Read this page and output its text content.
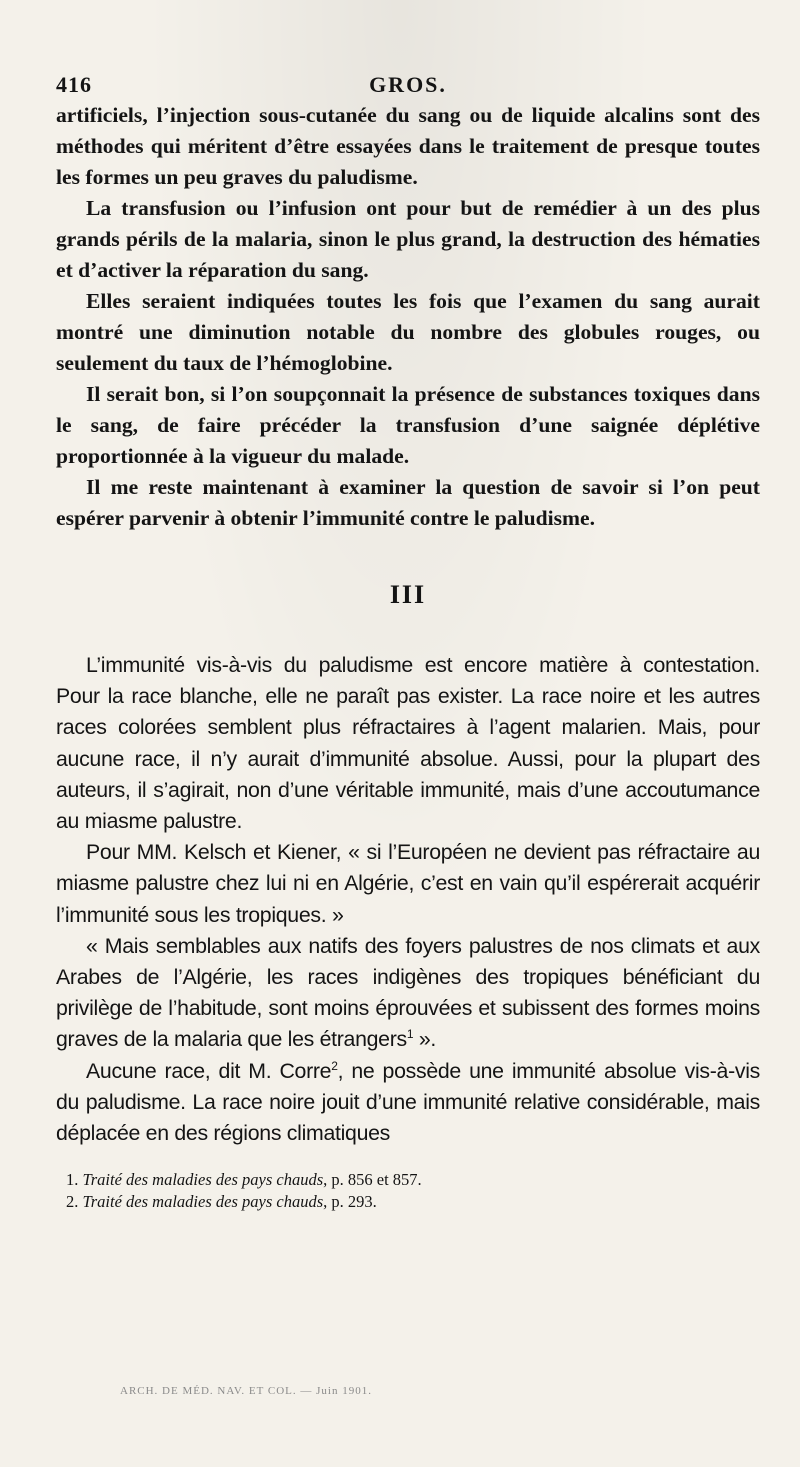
416	GROS.

artificiels, l’injection sous-cutanée du sang ou de liquide alcalins sont des méthodes qui méritent d’être essayées dans le traitement de presque toutes les formes un peu graves du paludisme.

La transfusion ou l’infusion ont pour but de remédier à un des plus grands périls de la malaria, sinon le plus grand, la destruction des hématies et d’activer la réparation du sang.

Elles seraient indiquées toutes les fois que l’examen du sang aurait montré une diminution notable du nombre des globules rouges, ou seulement du taux de l’hémoglobine.

Il serait bon, si l’on soupçonnait la présence de substances toxiques dans le sang, de faire précéder la transfusion d’une saignée déplétive proportionnée à la vigueur du malade.

Il me reste maintenant à examiner la question de savoir si l’on peut espérer parvenir à obtenir l’immunité contre le paludisme.

III

L’immunité vis-à-vis du paludisme est encore matière à contestation. Pour la race blanche, elle ne paraît pas exister. La race noire et les autres races colorées semblent plus réfractaires à l’agent malarien. Mais, pour aucune race, il n’y aurait d’immunité absolue. Aussi, pour la plupart des auteurs, il s’agirait, non d’une véritable immunité, mais d’une accoutumance au miasme palustre.

Pour MM. Kelsch et Kiener, « si l’Européen ne devient pas réfractaire au miasme palustre chez lui ni en Algérie, c’est en vain qu’il espérerait acquérir l’immunité sous les tropiques. »

« Mais semblables aux natifs des foyers palustres de nos climats et aux Arabes de l’Algérie, les races indigènes des tropiques bénéficiant du privilège de l’habitude, sont moins éprouvées et subissent des formes moins graves de la malaria que les étrangers$^1$ ».

Aucune race, dit M. Corre$^2$, ne possède une immunité absolue vis-à-vis du paludisme. La race noire jouit d’une immunité relative considérable, mais déplacée en des régions climatiques

1. Traité des maladies des pays chauds, p. 856 et 857.

2. Traité des maladies des pays chauds, p. 293.

ARCH. DE MÉD. NAV. ET COL. — Juin 1901.
